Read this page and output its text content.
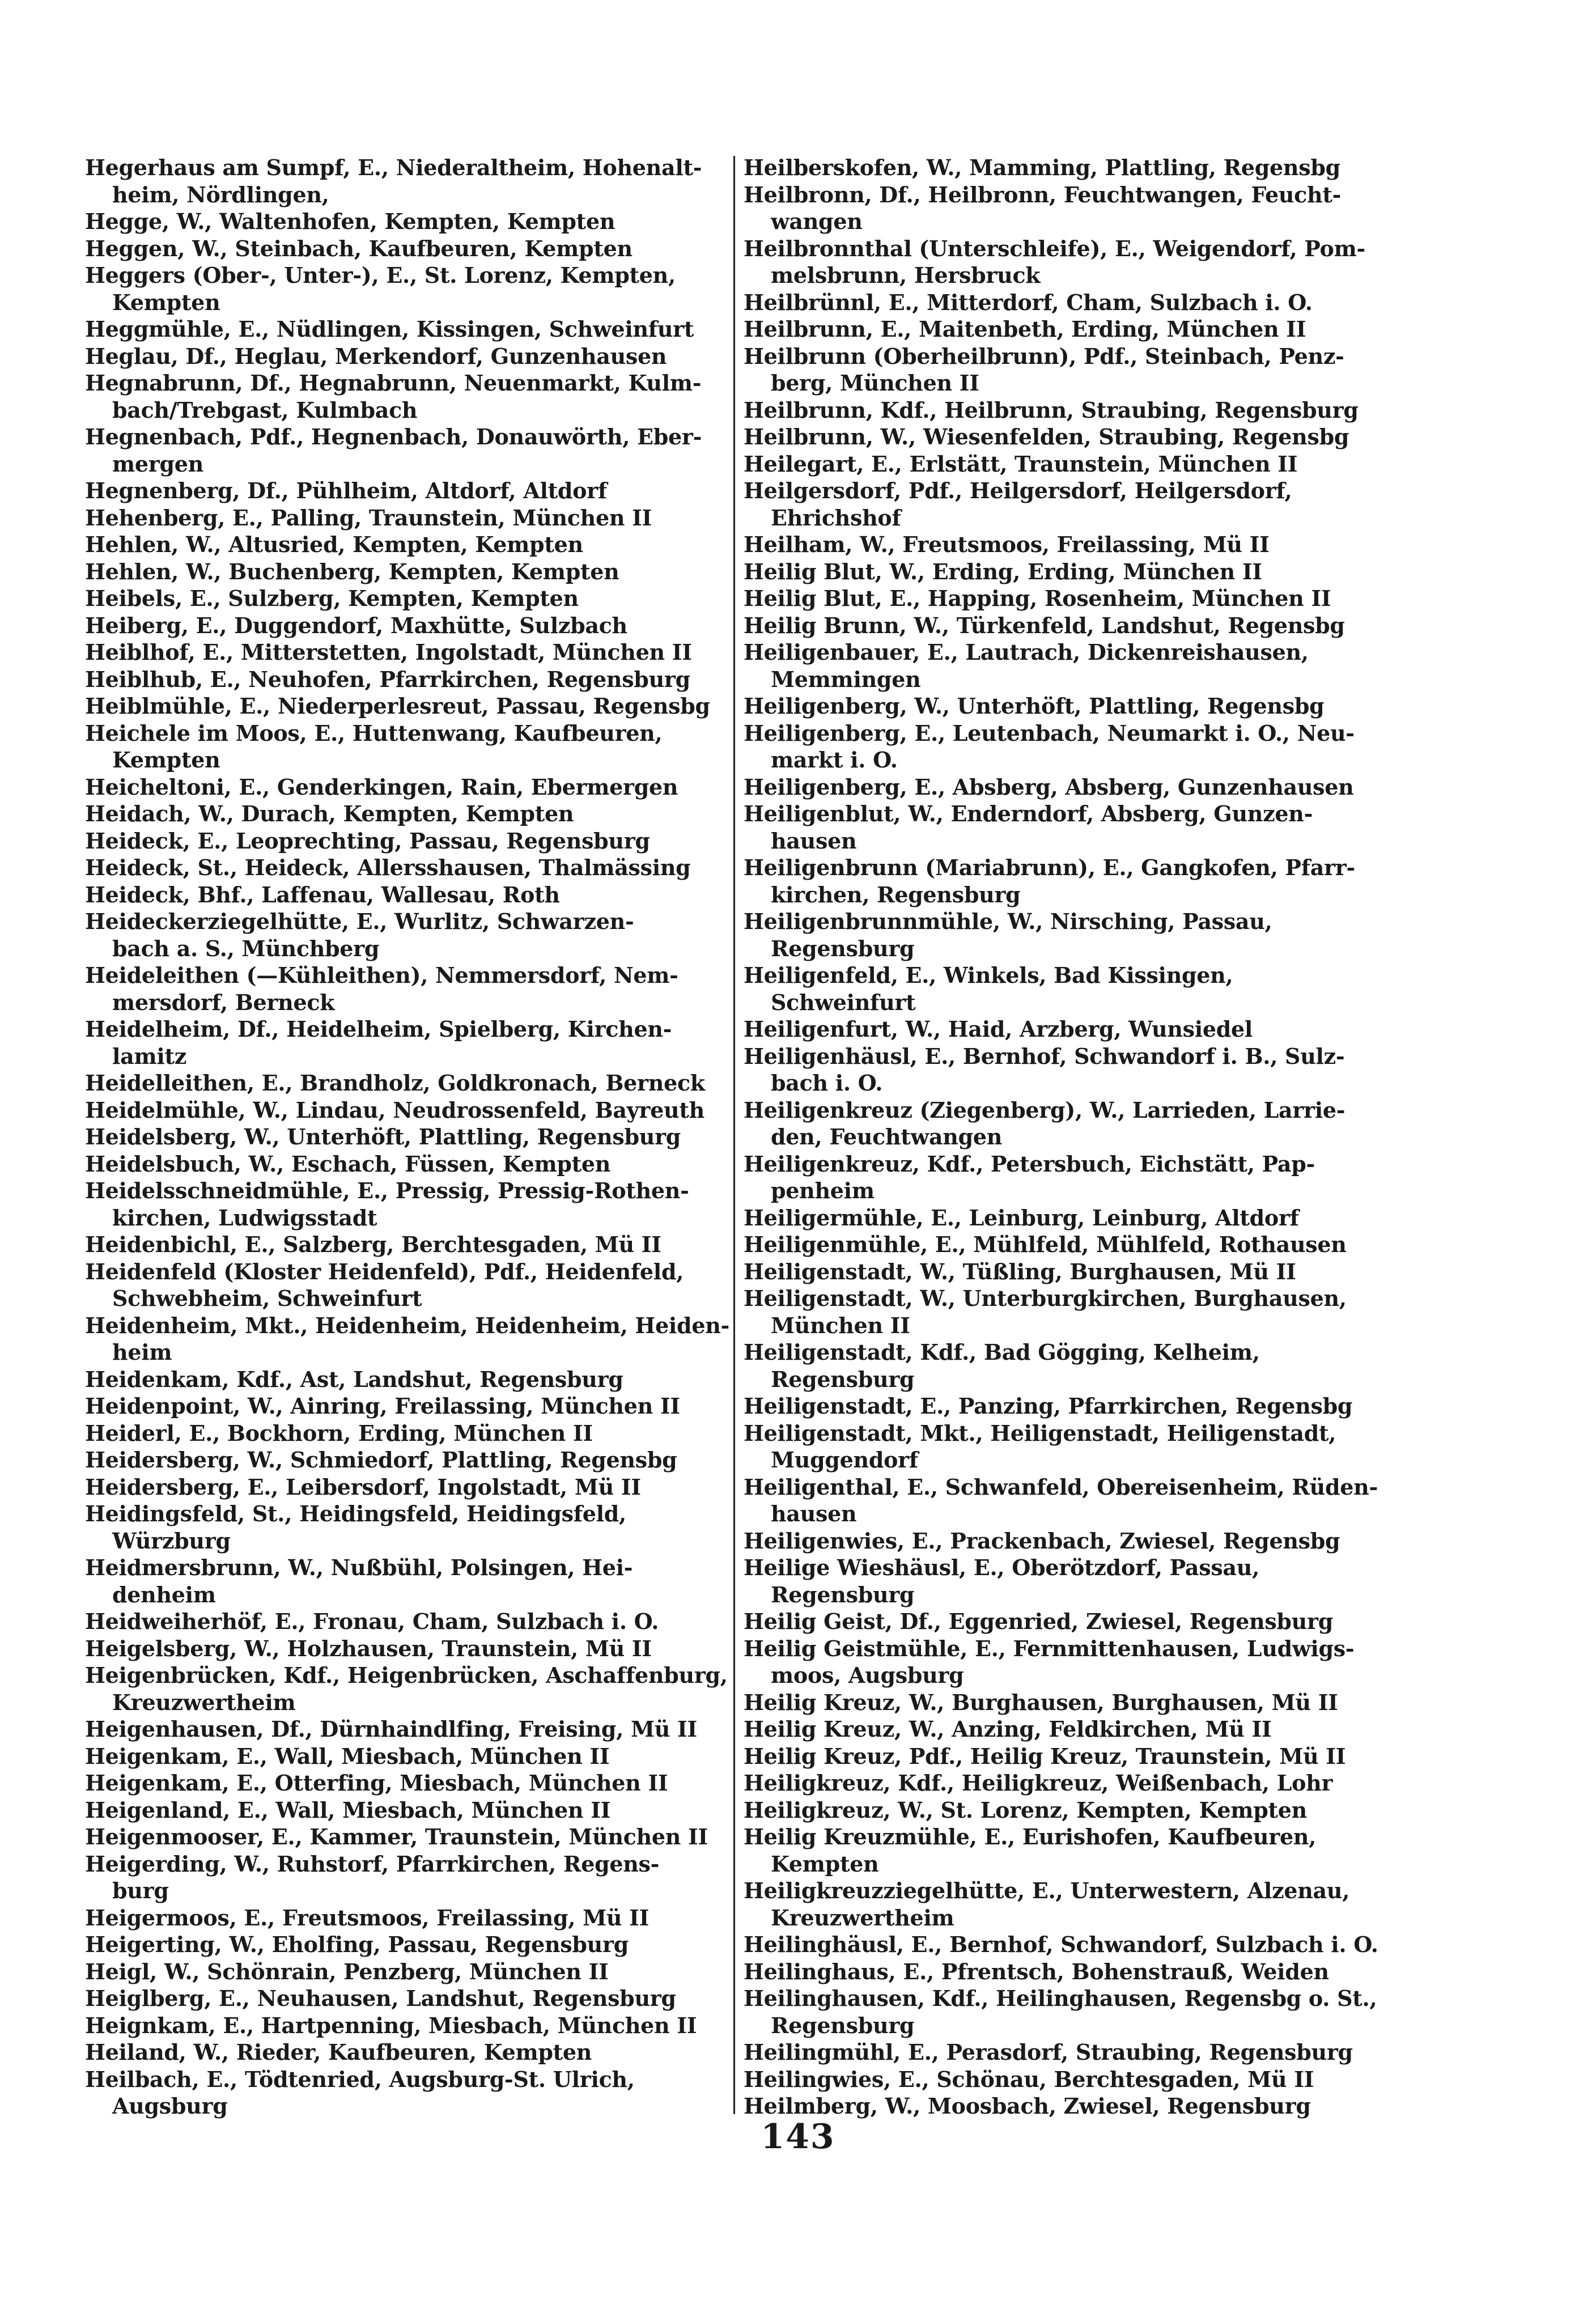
Hegerhaus am Sumpf, E., Niederaltheim, Hohenalt-
heim, Nördlingen,
Hegge, W., Waltenhofen, Kempten, Kempten
Heggen, W., Steinbach, Kaufbeuren, Kempten
Heggers (Ober-, Unter-), E., St. Lorenz, Kempten,
Kempten
Heggmühle, E., Nüdlingen, Kissingen, Schweinfurt
Heglau, Df., Heglau, Merkendorf, Gunzenhausen
Hegnabrunn, Df., Hegnabrunn, Neuenmarkt, Kulm-
bach/Trebgast, Kulmbach
Hegnenbach, Pdf., Hegnenbach, Donauwörth, Eber-
mergen
Hegnenberg, Df., Pühlheim, Altdorf, Altdorf
Hehenberg, E., Palling, Traunstein, München II
Hehlen, W., Altusried, Kempten, Kempten
Hehlen, W., Buchenberg, Kempten, Kempten
Heibels, E., Sulzberg, Kempten, Kempten
Heiberg, E., Duggendorf, Maxhütte, Sulzbach
Heiblhof, E., Mitterstetten, Ingolstadt, München II
Heiblhub, E., Neuhofen, Pfarrkirchen, Regensburg
Heiblmühle, E., Niederperlesreut, Passau, Regensbg
Heichele im Moos, E., Huttenwang, Kaufbeuren,
Kempten
Heicheltoni, E., Genderkingen, Rain, Ebermergen
Heidach, W., Durach, Kempten, Kempten
Heideck, E., Leoprechting, Passau, Regensburg
Heideck, St., Heideck, Allersshausen, Thalmässing
Heideck, Bhf., Laffenau, Wallesau, Roth
Heideckerziegelhütte, E., Wurlitz, Schwarzen-
bach a. S., Münchberg
Heideleithen (—Kühleithen), Nemmersdorf, Nem-
mersdorf, Berneck
Heidelheim, Df., Heidelheim, Spielberg, Kirchen-
lamitz
Heidelleithen, E., Brandholz, Goldkronach, Berneck
Heidelmühle, W., Lindau, Neudrossenfeld, Bayreuth
Heidelsberg, W., Unterhöft, Plattling, Regensburg
Heidelsbuch, W., Eschach, Füssen, Kempten
Heidelsschneidmühle, E., Pressig, Pressig-Rothen-
kirchen, Ludwigsstadt
Heidenbichl, E., Salzberg, Berchtesgaden, Mü II
Heidenfeld (Kloster Heidenfeld), Pdf., Heidenfeld,
Schwebheim, Schweinfurt
Heidenheim, Mkt., Heidenheim, Heidenheim, Heiden-
heim
Heidenkam, Kdf., Ast, Landshut, Regensburg
Heidenpoint, W., Ainring, Freilassing, München II
Heiderl, E., Bockhorn, Erding, München II
Heidersberg, W., Schmiedorf, Plattling, Regensbg
Heidersberg, E., Leibersdorf, Ingolstadt, Mü II
Heidingsfeld, St., Heidingsfeld, Heidingsfeld,
Würzburg
Heidmersbrunn, W., Nußbühl, Polsingen, Hei-
denheim
Heidweiherhöf, E., Fronau, Cham, Sulzbach i. O.
Heigelsberg, W., Holzhausen, Traunstein, Mü II
Heigenbrücken, Kdf., Heigenbrücken, Aschaffenburg,
Kreuzwertheim
Heigenhausen, Df., Dürnhaindlfing, Freising, Mü II
Heigenkam, E., Wall, Miesbach, München II
Heigenkam, E., Otterfing, Miesbach, München II
Heigenland, E., Wall, Miesbach, München II
Heigenmooser, E., Kammer, Traunstein, München II
Heigerding, W., Ruhstorf, Pfarrkirchen, Regens-
burg
Heigermoos, E., Freutsmoos, Freilassing, Mü II
Heigerting, W., Eholfing, Passau, Regensburg
Heigl, W., Schönrain, Penzberg, München II
Heiglberg, E., Neuhausen, Landshut, Regensburg
Heignkam, E., Hartpenning, Miesbach, München II
Heiland, W., Rieder, Kaufbeuren, Kempten
Heilbach, E., Tödtenried, Augsburg-St. Ulrich,
Augsburg
Heilberskofen, W., Mamming, Plattling, Regensbg
Heilbronn, Df., Heilbronn, Feuchtwangen, Feucht-
wangen
Heilbronnthal (Unterschleife), E., Weigendorf, Pom-
melsbrunn, Hersbruck
Heilbrünnl, E., Mitterdorf, Cham, Sulzbach i. O.
Heilbrunn, E., Maitenbeth, Erding, München II
Heilbrunn (Oberheilbrunn), Pdf., Steinbach, Penz-
berg, München II
Heilbrunn, Kdf., Heilbrunn, Straubing, Regensburg
Heilbrunn, W., Wiesenfelden, Straubing, Regensbg
Heilegart, E., Erlstätt, Traunstein, München II
Heilgersdorf, Pdf., Heilgersdorf, Heilgersdorf,
Ehrichshof
Heilham, W., Freutsmoos, Freilassing, Mü II
Heilig Blut, W., Erding, Erding, München II
Heilig Blut, E., Happing, Rosenheim, München II
Heilig Brunn, W., Türkenfeld, Landshut, Regensbg
Heiligenbauer, E., Lautrach, Dickenreishausen,
Memmingen
Heiligenberg, W., Unterhöft, Plattling, Regensbg
Heiligenberg, E., Leutenbach, Neumarkt i. O., Neu-
markt i. O.
Heiligenberg, E., Absberg, Absberg, Gunzenhausen
Heiligenblut, W., Enderndorf, Absberg, Gunzen-
hausen
Heiligenbrunn (Mariabrunn), E., Gangkofen, Pfarr-
kirchen, Regensburg
Heiligenbrunnmühle, W., Nirsching, Passau,
Regensburg
Heiligenfeld, E., Winkels, Bad Kissingen,
Schweinfurt
Heiligenfurt, W., Haid, Arzberg, Wunsiedel
Heiligenhäusl, E., Bernhof, Schwandorf i. B., Sulz-
bach i. O.
Heiligenkreuz (Ziegenberg), W., Larrieden, Larrie-
den, Feuchtwangen
Heiligenkreuz, Kdf., Petersbuch, Eichstätt, Pap-
penheim
Heiligermühle, E., Leinburg, Leinburg, Altdorf
Heiligenmühle, E., Mühlfeld, Mühlfeld, Rothausen
Heiligenstadt, W., Tüßling, Burghausen, Mü II
Heiligenstadt, W., Unterburgkirchen, Burghausen,
München II
Heiligenstadt, Kdf., Bad Gögging, Kelheim,
Regensburg
Heiligenstadt, E., Panzing, Pfarrkirchen, Regensbg
Heiligenstadt, Mkt., Heiligenstadt, Heiligenstadt,
Muggendorf
Heiligenthal, E., Schwanfeld, Obereisenheim, Rüden-
hausen
Heiligenwies, E., Prackenbach, Zwiesel, Regensbg
Heilige Wieshäusl, E., Oberötzdorf, Passau,
Regensburg
Heilig Geist, Df., Eggenried, Zwiesel, Regensburg
Heilig Geistmühle, E., Fernmittenhausen, Ludwigs-
moos, Augsburg
Heilig Kreuz, W., Burghausen, Burghausen, Mü II
Heilig Kreuz, W., Anzing, Feldkirchen, Mü II
Heilig Kreuz, Pdf., Heilig Kreuz, Traunstein, Mü II
Heiligkreuz, Kdf., Heiligkreuz, Weißenbach, Lohr
Heiligkreuz, W., St. Lorenz, Kempten, Kempten
Heilig Kreuzmühle, E., Eurishofen, Kaufbeuren,
Kempten
Heiligkreuzziegelhütte, E., Unterwestern, Alzenau,
Kreuzwertheim
Heilinghäusl, E., Bernhof, Schwandorf, Sulzbach i. O.
Heilinghaus, E., Pfrentsch, Bohenstrauß, Weiden
Heilinghausen, Kdf., Heilinghausen, Regensbg o. St.,
Regensburg
Heilingmühl, E., Perasdorf, Straubing, Regensburg
Heilingwies, E., Schönau, Berchtesgaden, Mü II
Heilmberg, W., Moosbach, Zwiesel, Regensburg
143
